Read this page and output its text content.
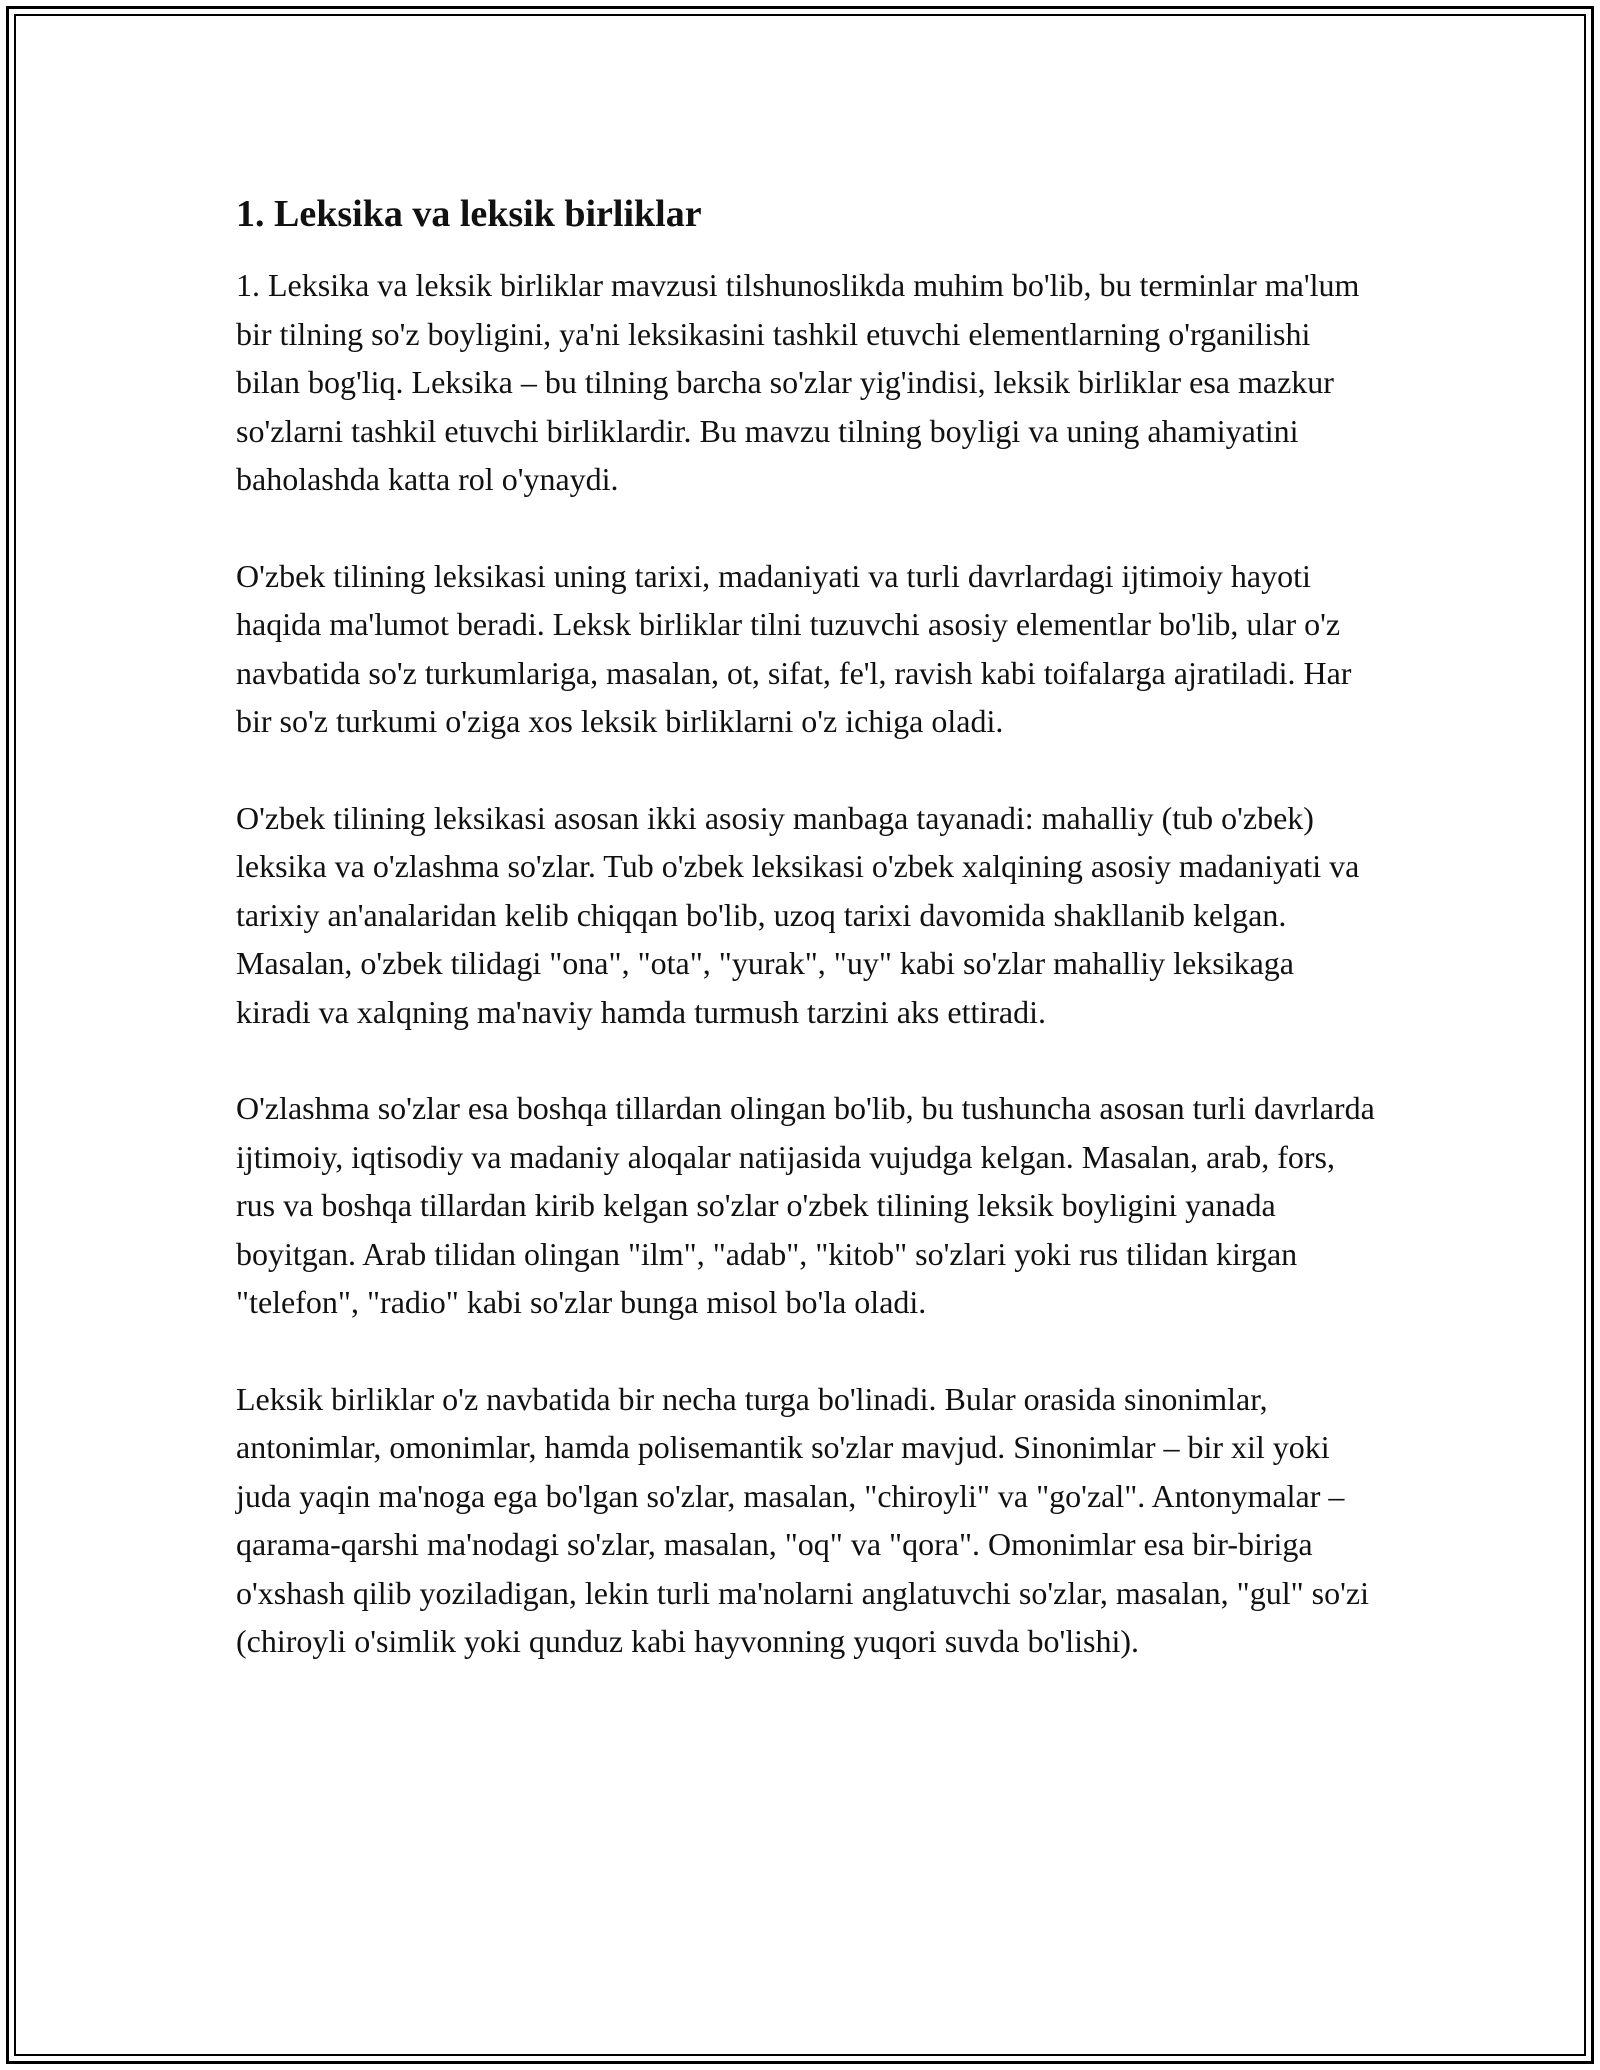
1. Leksika va leksik birliklar

1. Leksika va leksik birliklar mavzusi tilshunoslikda muhim bo'lib, bu terminlar ma'lum bir tilning so'z boyligini, ya'ni leksikasini tashkil etuvchi elementlarning o'rganilishi bilan bog'liq. Leksika – bu tilning barcha so'zlar yig'indisi, leksik birliklar esa mazkur so'zlarni tashkil etuvchi birliklardir. Bu mavzu tilning boyligi va uning ahamiyatini baholashda katta rol o'ynaydi.

O'zbek tilining leksikasi uning tarixi, madaniyati va turli davrlardagi ijtimoiy hayoti haqida ma'lumot beradi. Leksk birliklar tilni tuzuvchi asosiy elementlar bo'lib, ular o'z navbatida so'z turkumlariga, masalan, ot, sifat, fe'l, ravish kabi toifalarga ajratiladi. Har bir so'z turkumi o'ziga xos leksik birliklarni o'z ichiga oladi.

O'zbek tilining leksikasi asosan ikki asosiy manbaga tayanadi: mahalliy (tub o'zbek) leksika va o'zlashma so'zlar. Tub o'zbek leksikasi o'zbek xalqining asosiy madaniyati va tarixiy an'analaridan kelib chiqqan bo'lib, uzoq tarixi davomida shakllanib kelgan. Masalan, o'zbek tilidagi "ona", "ota", "yurak", "uy" kabi so'zlar mahalliy leksikaga kiradi va xalqning ma'naviy hamda turmush tarzini aks ettiradi.

O'zlashma so'zlar esa boshqa tillardan olingan bo'lib, bu tushuncha asosan turli davrlarda ijtimoiy, iqtisodiy va madaniy aloqalar natijasida vujudga kelgan. Masalan, arab, fors, rus va boshqa tillardan kirib kelgan so'zlar o'zbek tilining leksik boyligini yanada boyitgan. Arab tilidan olingan "ilm", "adab", "kitob" so'zlari yoki rus tilidan kirgan "telefon", "radio" kabi so'zlar bunga misol bo'la oladi.

Leksik birliklar o'z navbatida bir necha turga bo'linadi. Bular orasida sinonimlar, antonimlar, omonimlar, hamda polisemantik so'zlar mavjud. Sinonimlar – bir xil yoki juda yaqin ma'noga ega bo'lgan so'zlar, masalan, "chiroyli" va "go'zal". Antonymalar – qarama-qarshi ma'nodagi so'zlar, masalan, "oq" va "qora". Omonimlar esa bir-biriga o'xshash qilib yoziladigan, lekin turli ma'nolarni anglatuvchi so'zlar, masalan, "gul" so'zi (chiroyli o'simlik yoki qunduz kabi hayvonning yuqori suvda bo'lishi).
